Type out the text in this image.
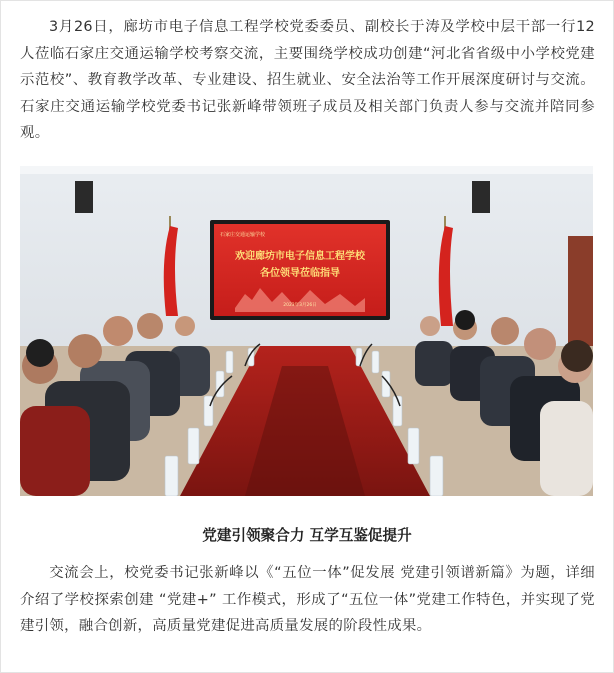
3月26日，廊坊市电子信息工程学校党委委员、副校长于涛及学校中层干部一行12人莅临石家庄交通运输学校考察交流，主要围绕学校成功创建“河北省省级中小学校党建示范校”、教育教学改革、专业建设、招生就业、安全法治等工作开展深度研讨与交流。石家庄交通运输学校党委书记张新峰带领班子成员及相关部门负责人参与交流并陪同参观。

石家庄交通运输学校
欢迎廊坊市电子信息工程学校
各位领导莅临指导
2023年3月26日

党建引领聚合力 互学互鉴促提升

交流会上，校党委书记张新峰以《“五位一体”促发展 党建引领谱新篇》为题，详细介绍了学校探索创建 “党建+” 工作模式，形成了“五位一体”党建工作特色，并实现了党建引领，融合创新，高质量党建促进高质量发展的阶段性成果。
